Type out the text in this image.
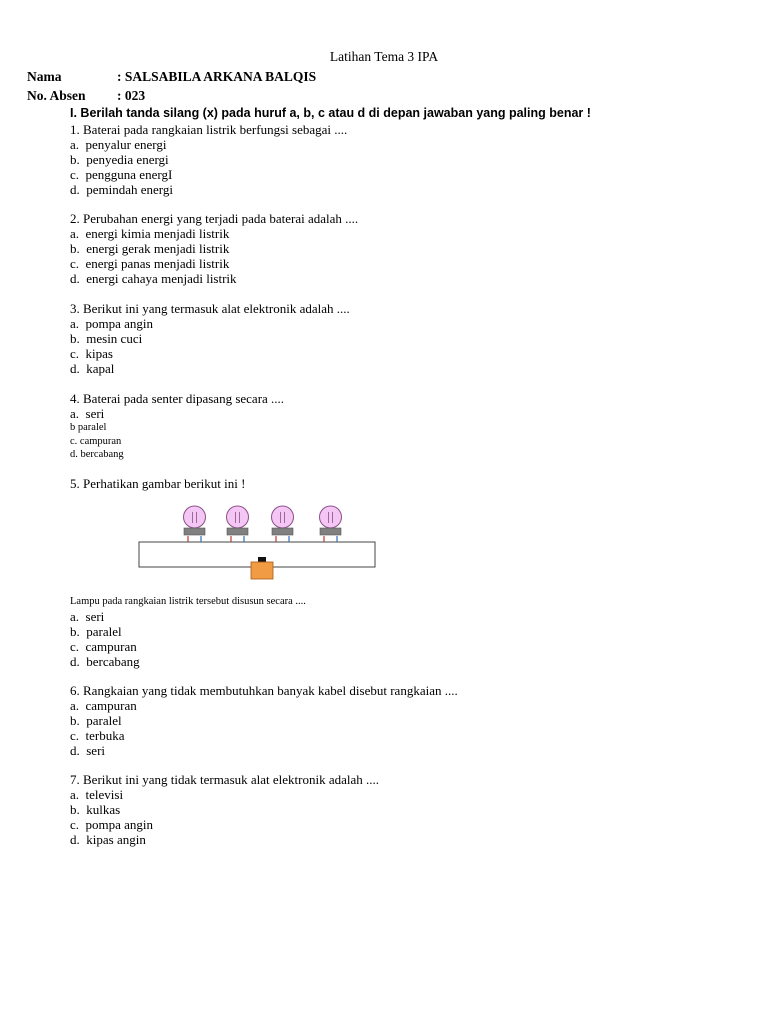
Latihan Tema 3 IPA
Nama	: SALSABILA ARKANA BALQIS
No. Absen : 023
I. Berilah tanda silang (x) pada huruf a, b, c atau d di depan jawaban yang paling benar !
1. Baterai pada rangkaian listrik berfungsi sebagai ....
a.  penyalur energi
b.  penyedia energi
c.  pengguna energI
d.  pemindah energi
2. Perubahan energi yang terjadi pada baterai adalah ....
a.  energi kimia menjadi listrik
b.  energi gerak menjadi listrik
c.  energi panas menjadi listrik
d.  energi cahaya menjadi listrik
3. Berikut ini yang termasuk alat elektronik adalah ....
a.  pompa angin
b.  mesin cuci
c.  kipas
d.  kapal
4. Baterai pada senter dipasang secara ....
a.  seri
b paralel
c. campuran
d. bercabang
5. Perhatikan gambar berikut ini !
Lampu pada rangkaian listrik tersebut disusun secara ....
a.  seri
b.  paralel
c.  campuran
d.  bercabang
6. Rangkaian yang tidak membutuhkan banyak kabel disebut rangkaian ....
a.  campuran
b.  paralel
c.  terbuka
d.  seri
7. Berikut ini yang tidak termasuk alat elektronik adalah ....
a.  televisi
b.  kulkas
c.  pompa angin
d.  kipas angin
